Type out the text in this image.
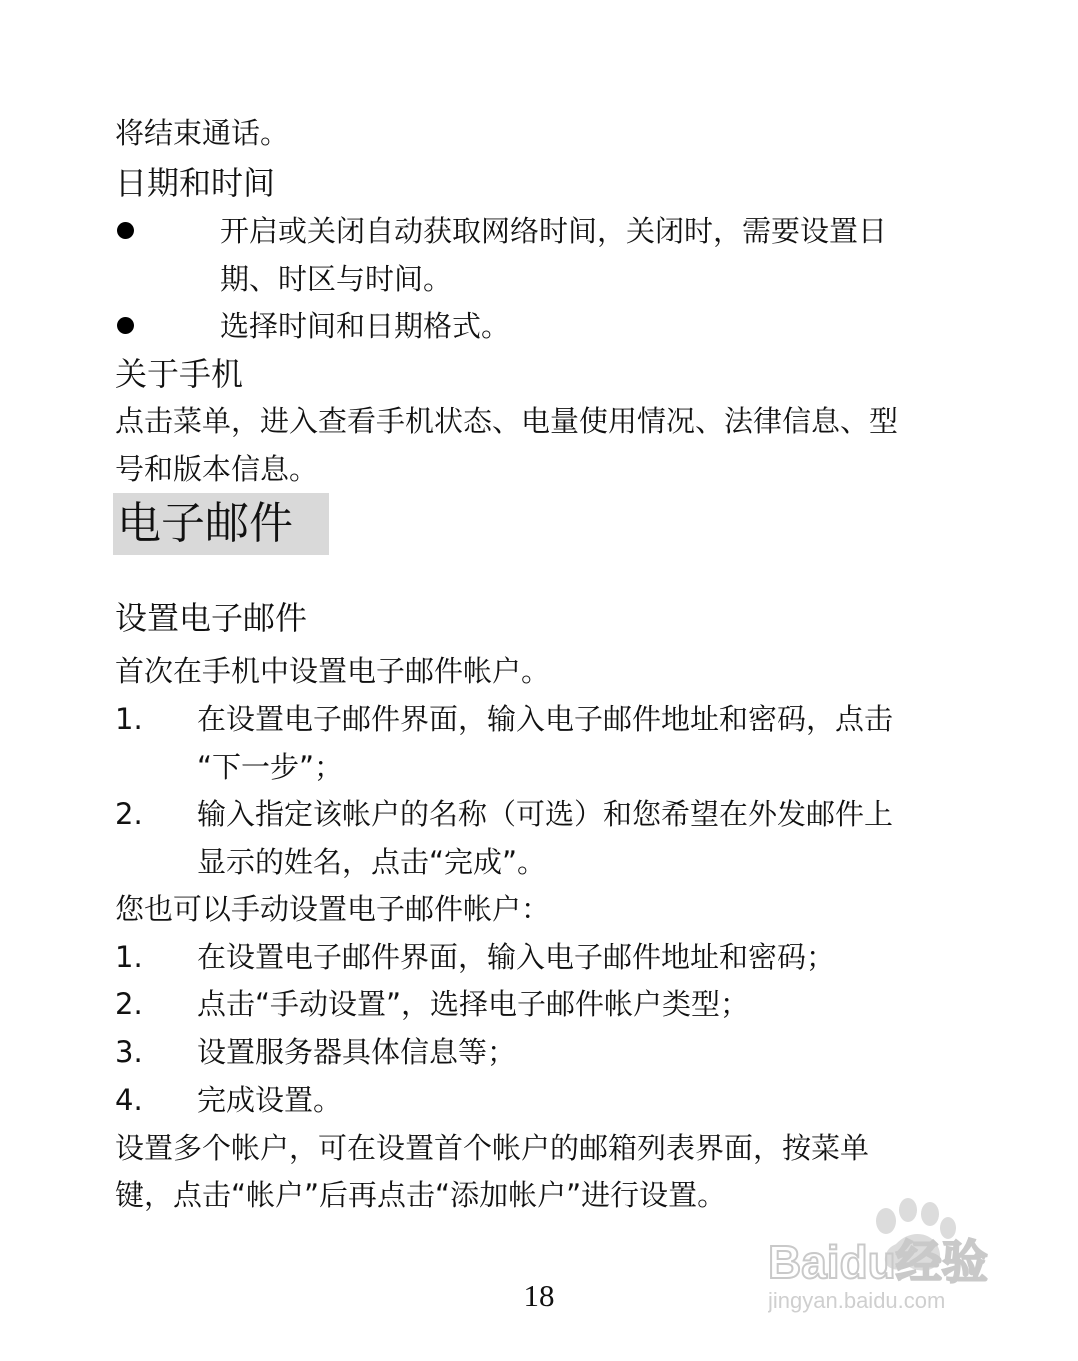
将结束通话。
日期和时间
开启或关闭自动获取网络时间，关闭时，需要设置日
期、时区与时间。
选择时间和日期格式。
关于手机
点击菜单，进入查看手机状态、电量使用情况、法律信息、型
号和版本信息。
电子邮件
设置电子邮件
首次在手机中设置电子邮件帐户。
1. 在设置电子邮件界面，输入电子邮件地址和密码，点击
“下一步”；
2. 输入指定该帐户的名称（可选）和您希望在外发邮件上
显示的姓名，点击“完成”。
您也可以手动设置电子邮件帐户：
1. 在设置电子邮件界面，输入电子邮件地址和密码；
2. 点击“手动设置”，选择电子邮件帐户类型；
3. 设置服务器具体信息等；
4. 完成设置。
设置多个帐户，可在设置首个帐户的邮箱列表界面，按菜单
键，点击“帐户”后再点击“添加帐户”进行设置。
18
Baidu经验
jingyan.baidu.com
